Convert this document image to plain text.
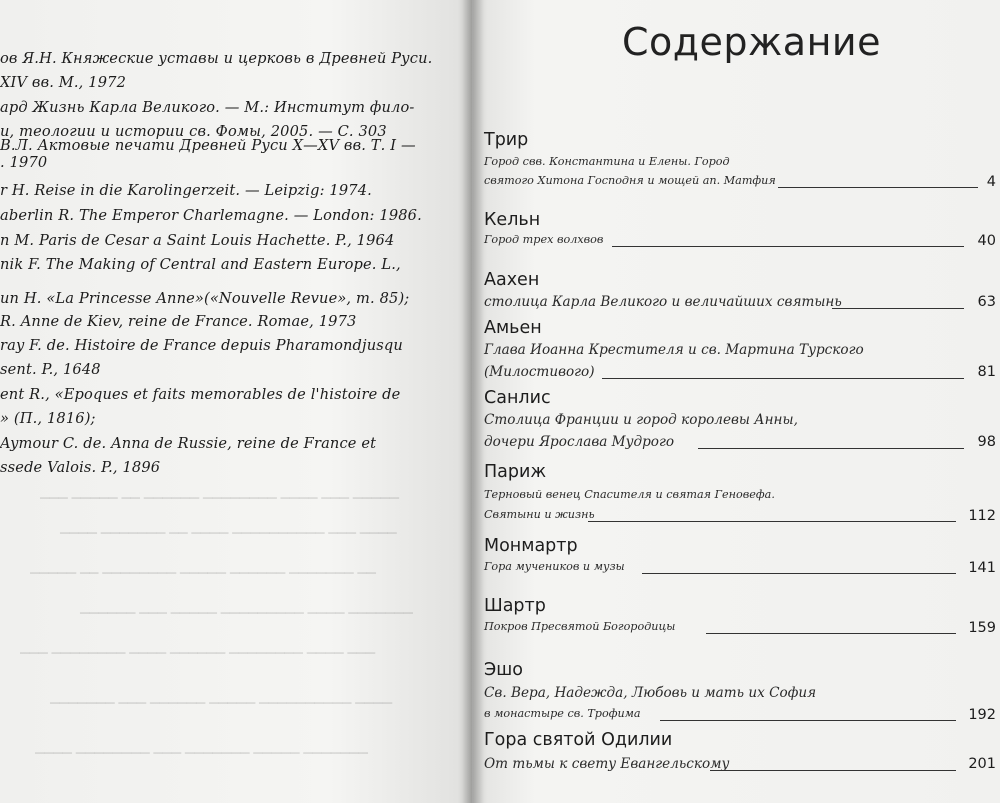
ов Я.Н. Княжеские уставы и церковь в Древней Руси.
XIV вв. М., 1972
ард Жизнь Карла Великого. — М.: Институт фило-
и, теологии и истории св. Фомы, 2005. — С. 303
В.Л. Актовые печати Древней Руси X—XV вв. Т. I —
. 1970
r H. Reise in die Karolingerzeit. — Leipzig: 1974.
aberlin R. The Emperor Charlemagne. — London: 1986.
n M. Paris de Cesar a Saint Louis Hachette. P., 1964
nik F. The Making of Central and Eastern Europe. L.,
un H. «La Princesse Anne»(«Nouvelle Revue», m. 85);
R. Anne de Kiev, reine de France. Romae, 1973
ray F. de. Histoire de France depuis Pharamondjusqu
sent. P., 1648
ent R., «Epoques et faits memorables de l'histoire de
» (П., 1816);
Aymour C. de. Anna de Russie, reine de France et
ssede Valois. P., 1896
▁▁▁ ▁▁▁▁▁ ▁▁ ▁▁▁▁▁▁ ▁▁▁▁▁▁▁▁ ▁▁▁▁ ▁▁▁ ▁▁▁▁▁
▁▁▁▁ ▁▁▁▁▁▁▁ ▁▁ ▁▁▁▁ ▁▁▁▁▁▁▁▁▁▁ ▁▁▁ ▁▁▁▁
▁▁▁▁▁ ▁▁ ▁▁▁▁▁▁▁▁ ▁▁▁▁▁ ▁▁▁▁▁▁ ▁▁▁▁▁▁▁ ▁▁
▁▁▁▁▁▁ ▁▁▁ ▁▁▁▁▁ ▁▁▁▁▁▁▁▁▁ ▁▁▁▁ ▁▁▁▁▁▁▁
▁▁▁ ▁▁▁▁▁▁▁▁ ▁▁▁▁ ▁▁▁▁▁▁ ▁▁▁▁▁▁▁▁ ▁▁▁▁ ▁▁▁
▁▁▁▁▁▁▁ ▁▁▁ ▁▁▁▁▁▁ ▁▁▁▁▁ ▁▁▁▁▁▁▁▁▁▁ ▁▁▁▁
▁▁▁▁ ▁▁▁▁▁▁▁▁ ▁▁▁ ▁▁▁▁▁▁▁ ▁▁▁▁▁ ▁▁▁▁▁▁▁
Содержание
Трир
Город свв. Константина и Елены. Город
святого Хитона Господня и мощей ап. Матфия	4
Кельн
Город трех волхвов	40
Аахен
столица Карла Великого и величайших святынь	63
Амьен
Глава Иоанна Крестителя и св. Мартина Турского
(Милостивого)	81
Санлис
Столица Франции и город королевы Анны,
дочери Ярослава Мудрого	98
Париж
Терновый венец Спасителя и святая Геновефа.
Святыни и жизнь	112
Монмартр
Гора мучеников и музы	141
Шартр
Покров Пресвятой Богородицы	159
Эшо
Св. Вера, Надежда, Любовь и мать их София
в монастыре св. Трофима	192
Гора святой Одилии
От тьмы к свету Евангельскому	201
